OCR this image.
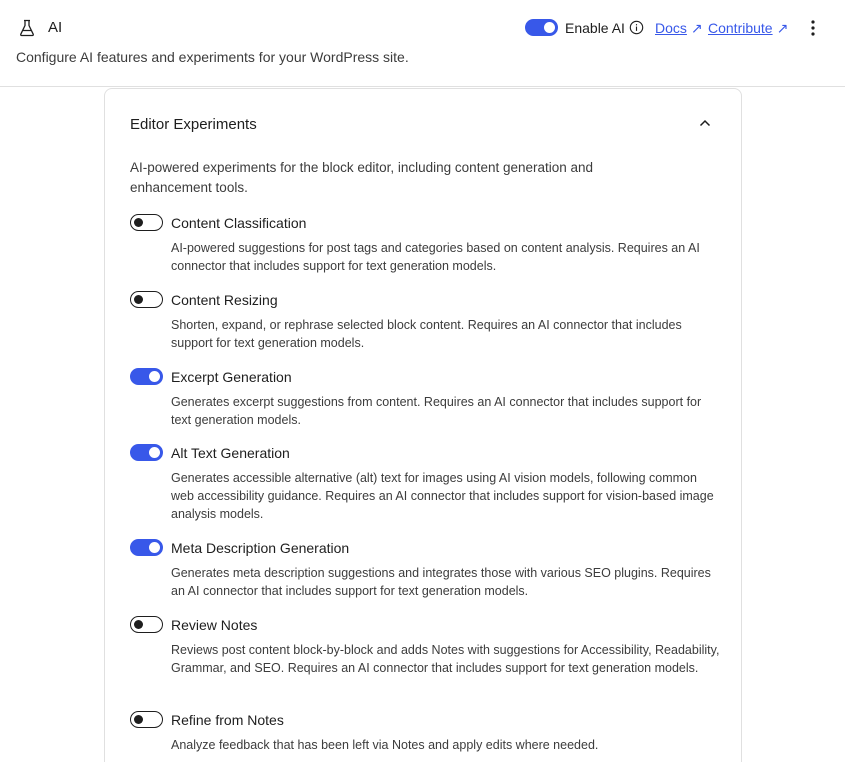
AI
Configure AI features and experiments for your WordPress site.
Enable AI Docs ↗ Contribute ↗
Editor Experiments

AI-powered experiments for the block editor, including content generation and enhancement tools.

Content Classification

AI-powered suggestions for post tags and categories based on content analysis. Requires an AI connector that includes support for text generation models.

Content Resizing

Shorten, expand, or rephrase selected block content. Requires an AI connector that includes support for text generation models.

Excerpt Generation

Generates excerpt suggestions from content. Requires an AI connector that includes support for text generation models.

Alt Text Generation

Generates accessible alternative (alt) text for images using AI vision models, following common web accessibility guidance. Requires an AI connector that includes support for vision-based image analysis models.

Meta Description Generation

Generates meta description suggestions and integrates those with various SEO plugins. Requires an AI connector that includes support for text generation models.

Review Notes

Reviews post content block-by-block and adds Notes with suggestions for Accessibility, Readability, Grammar, and SEO. Requires an AI connector that includes support for text generation models.

Refine from Notes

Analyze feedback that has been left via Notes and apply edits where needed.
